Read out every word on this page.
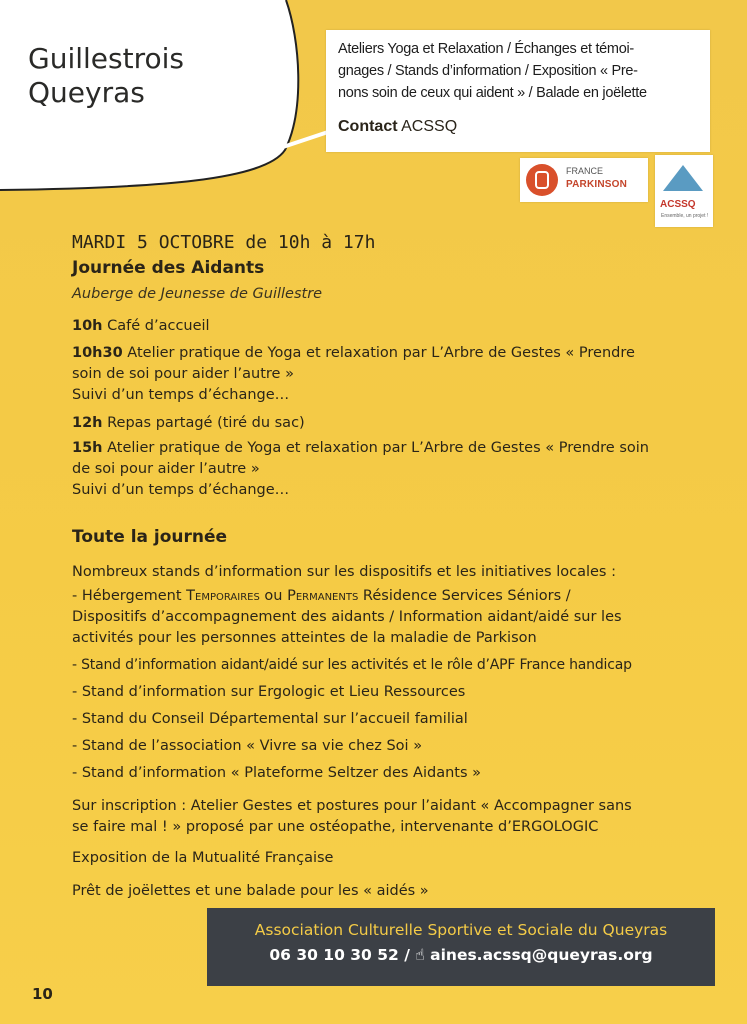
Guillestrois
Queyras
Ateliers Yoga et Relaxation / Échanges et témoi-
gnages / Stands d’information / Exposition « Pre-
nons soin de ceux qui aident » / Balade en joëlette
Contact ACSSQ
FRANCE
PARKINSON
ACSSQ
Ensemble, un projet !
MARDI 5 OCTOBRE de 10h à 17h
Journée des Aidants
Auberge de Jeunesse de Guillestre
10h Café d’accueil
10h30 Atelier pratique de Yoga et relaxation par L’Arbre de Gestes « Prendre
soin de soi pour aider l’autre »
Suivi d’un temps d’échange…
12h Repas partagé (tiré du sac)
15h Atelier pratique de Yoga et relaxation par L’Arbre de Gestes « Prendre soin
de soi pour aider l’autre »
Suivi d’un temps d’échange…
Toute la journée
Nombreux stands d’information sur les dispositifs et les initiatives locales :
- Hébergement Temporaires ou Permanents Résidence Services Séniors /
Dispositifs d’accompagnement des aidants / Information aidant/aidé sur les
activités pour les personnes atteintes de la maladie de Parkison
- Stand d’information aidant/aidé sur les activités et le rôle d’APF France handicap
- Stand d’information sur Ergologic et Lieu Ressources
- Stand du Conseil Départemental sur l’accueil familial
- Stand de l’association « Vivre sa vie chez Soi »
- Stand d’information « Plateforme Seltzer des Aidants »
Sur inscription : Atelier Gestes et postures pour l’aidant « Accompagner sans
se faire mal ! » proposé par une ostéopathe, intervenante d’ERGOLOGIC
Exposition de la Mutualité Française
Prêt de joëlettes et une balade pour les « aidés »
Association Culturelle Sportive et Sociale du Queyras
06 30 10 30 52 / ☝ aines.acssq@queyras.org
10
